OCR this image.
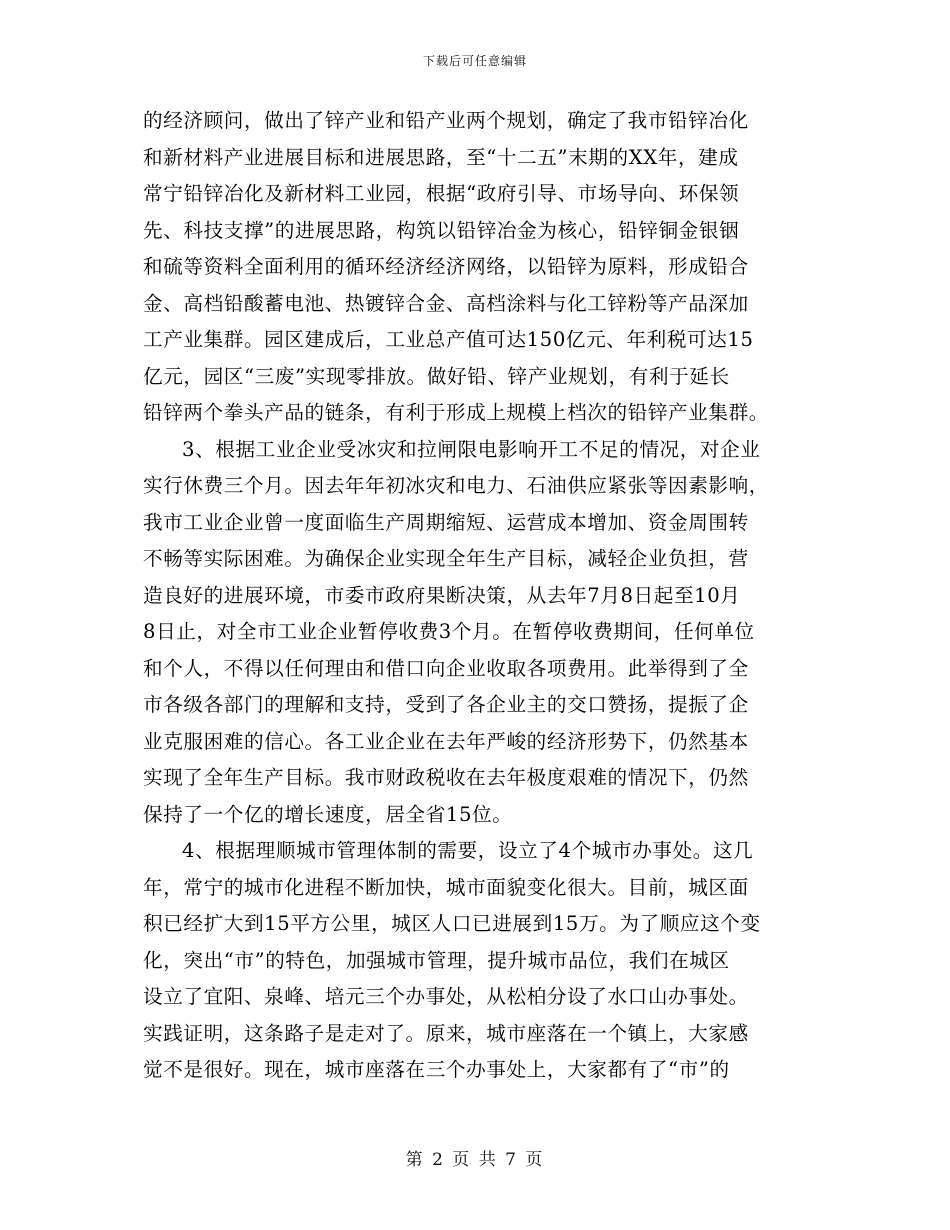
下载后可任意编辑
的经济顾问，做出了锌产业和铅产业两个规划，确定了我市铅锌冶化
和新材料产业进展目标和进展思路，至“十二五”末期的XX年，建成
常宁铅锌冶化及新材料工业园，根据“政府引导、市场导向、环保领
先、科技支撑”的进展思路，构筑以铅锌冶金为核心，铅锌铜金银铟
和硫等资料全面利用的循环经济经济网络，以铅锌为原料，形成铅合
金、高档铅酸蓄电池、热镀锌合金、高档涂料与化工锌粉等产品深加
工产业集群。园区建成后，工业总产值可达150亿元、年利税可达15
亿元，园区“三废”实现零排放。做好铅、锌产业规划，有利于延长
铅锌两个拳头产品的链条，有利于形成上规模上档次的铅锌产业集群。
3、根据工业企业受冰灾和拉闸限电影响开工不足的情况，对企业
实行休费三个月。因去年年初冰灾和电力、石油供应紧张等因素影响，
我市工业企业曾一度面临生产周期缩短、运营成本增加、资金周围转
不畅等实际困难。为确保企业实现全年生产目标，减轻企业负担，营
造良好的进展环境，市委市政府果断决策，从去年7月8日起至10月
8日止，对全市工业企业暂停收费3个月。在暂停收费期间，任何单位
和个人，不得以任何理由和借口向企业收取各项费用。此举得到了全
市各级各部门的理解和支持，受到了各企业主的交口赞扬，提振了企
业克服困难的信心。各工业企业在去年严峻的经济形势下，仍然基本
实现了全年生产目标。我市财政税收在去年极度艰难的情况下，仍然
保持了一个亿的增长速度，居全省15位。
4、根据理顺城市管理体制的需要，设立了4个城市办事处。这几
年，常宁的城市化进程不断加快，城市面貌变化很大。目前，城区面
积已经扩大到15平方公里，城区人口已进展到15万。为了顺应这个变
化，突出“市”的特色，加强城市管理，提升城市品位，我们在城区
设立了宜阳、泉峰、培元三个办事处，从松柏分设了水口山办事处。
实践证明，这条路子是走对了。原来，城市座落在一个镇上，大家感
觉不是很好。现在，城市座落在三个办事处上，大家都有了“市”的
第 2 页 共 7 页
